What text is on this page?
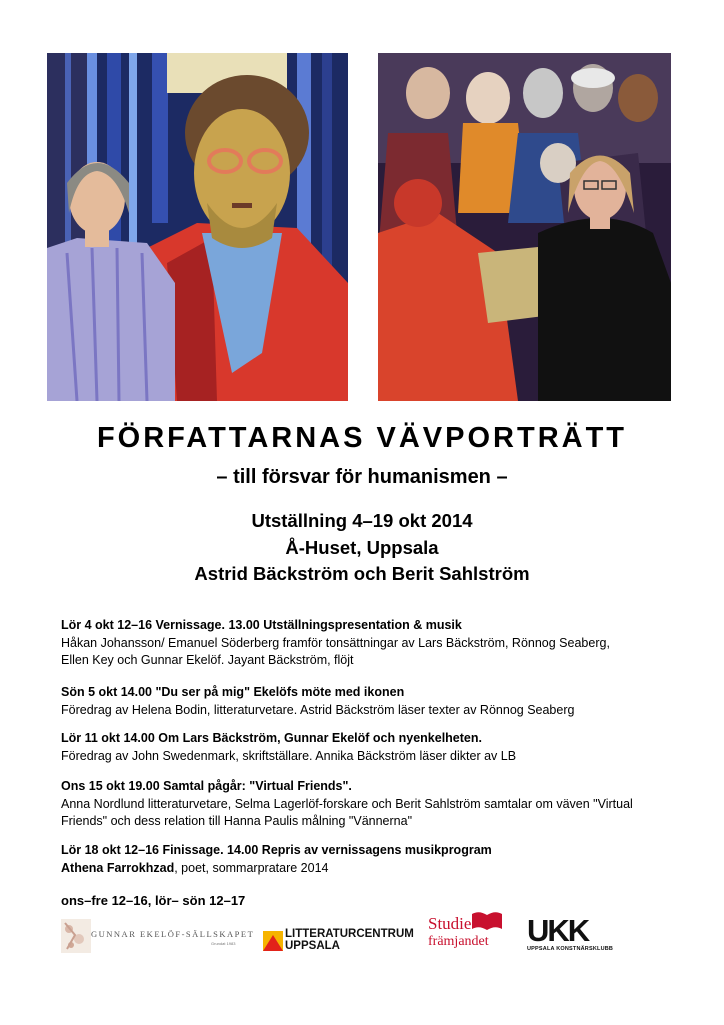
FÖRFATTARNAS VÄVPORTRÄTT
– till försvar för humanismen –

Utställning 4–19 okt 2014

Å-Huset, Uppsala

Astrid Bäckström och Berit Sahlström

Lör 4 okt 12–16 Vernissage. 13.00 Utställningspresentation & musik
Håkan Johansson/ Emanuel Söderberg framför tonsättningar av Lars Bäckström, Rönnog Seaberg,
Ellen Key och Gunnar Ekelöf. Jayant Bäckström, flöjt
Sön 5 okt 14.00 "Du ser på mig" Ekelöfs möte med ikonen
Föredrag av Helena Bodin, litteraturvetare. Astrid Bäckström läser texter av Rönnog Seaberg
Lör 11 okt 14.00 Om Lars Bäckström, Gunnar Ekelöf och nyenkelheten.
Föredrag av John Swedenmark, skriftställare. Annika Bäckström läser dikter av LB
Ons 15 okt 19.00 Samtal pågår: "Virtual Friends".
Anna Nordlund litteraturvetare, Selma Lagerlöf-forskare och Berit Sahlström samtalar om väven "Virtual
Friends" och dess relation till Hanna Paulis målning "Vännerna"
Lör 18 okt 12–16 Finissage. 14.00 Repris av vernissagens musikprogram
Athena Farrokhzad, poet, sommarpratare 2014
ons–fre 12–16, lör– sön 12–17
GUNNAR EKELÖF-SÄLLSKAPET
Grundat 1983
LITTERATURCENTRUM
UPPSALA
Studie
främjandet UKK
UPPSALA KONSTNÄRSKLUBB
